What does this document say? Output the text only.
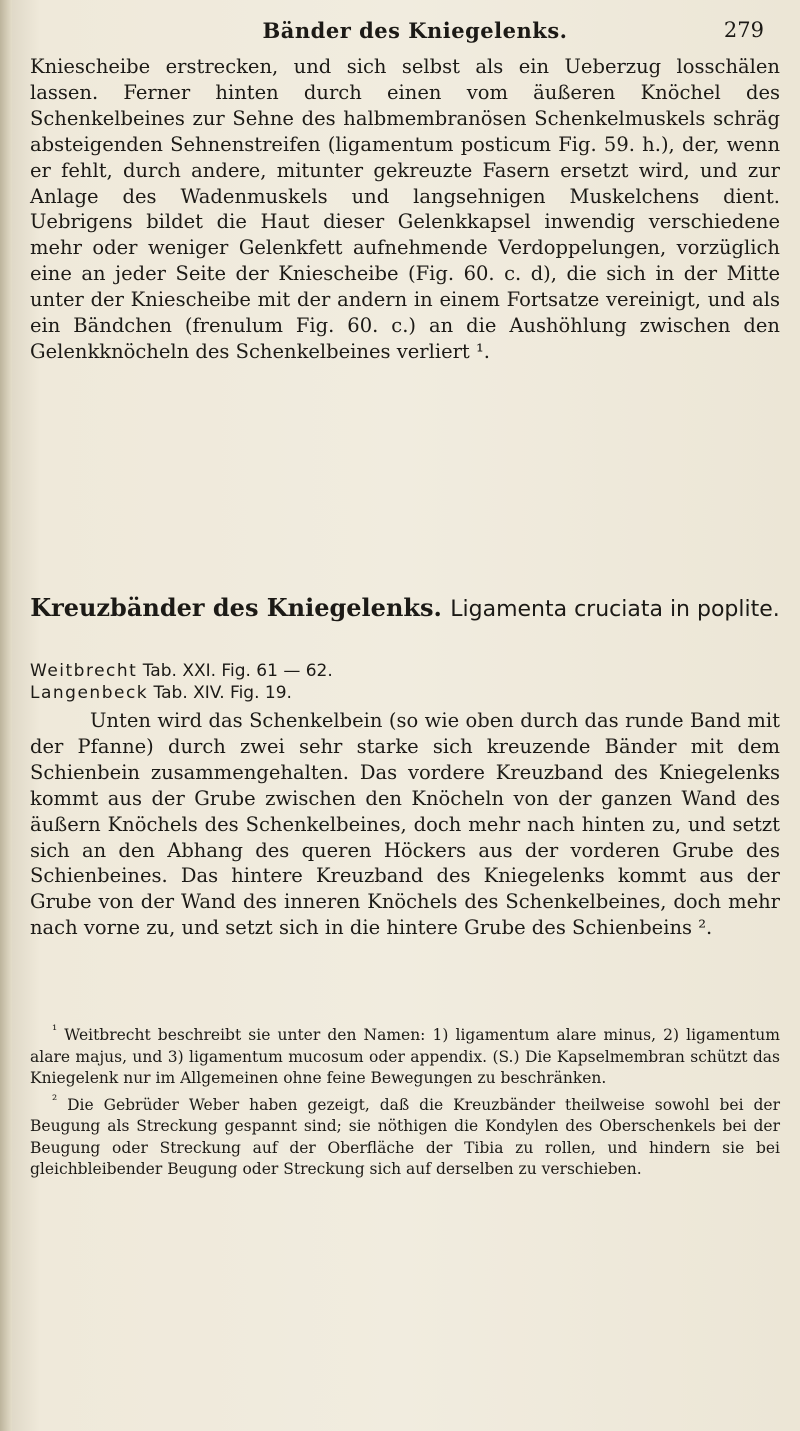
Bänder des Kniegelenks.	279

Kniescheibe erstrecken, und sich selbst als ein Ueberzug losschälen lassen. Ferner hinten durch einen vom äußeren Knöchel des Schenkelbeines zur Sehne des halbmembranösen Schenkelmuskels schräg absteigenden Sehnenstreifen (ligamentum posticum Fig. 59. h.), der, wenn er fehlt, durch andere, mitunter gekreuzte Fasern ersetzt wird, und zur Anlage des Wadenmuskels und langsehnigen Muskelchens dient. Uebrigens bildet die Haut dieser Gelenkkapsel inwendig verschiedene mehr oder weniger Gelenkfett aufnehmende Verdoppelungen, vorzüglich eine an jeder Seite der Kniescheibe (Fig. 60. c. d), die sich in der Mitte unter der Kniescheibe mit der andern in einem Fortsatze vereinigt, und als ein Bändchen (frenulum Fig. 60. c.) an die Aushöhlung zwischen den Gelenkknöcheln des Schenkelbeines verliert ¹.

Kreuzbänder des Kniegelenks. Ligamenta cruciata in poplite.
Weitbrecht Tab. XXI. Fig. 61 — 62.
Langenbeck Tab. XIV. Fig. 19.

Unten wird das Schenkelbein (so wie oben durch das runde Band mit der Pfanne) durch zwei sehr starke sich kreuzende Bänder mit dem Schienbein zusammengehalten. Das vordere Kreuzband des Kniegelenks kommt aus der Grube zwischen den Knöcheln von der ganzen Wand des äußern Knöchels des Schenkelbeines, doch mehr nach hinten zu, und setzt sich an den Abhang des queren Höckers aus der vorderen Grube des Schienbeines. Das hintere Kreuzband des Kniegelenks kommt aus der Grube von der Wand des inneren Knöchels des Schenkelbeines, doch mehr nach vorne zu, und setzt sich in die hintere Grube des Schienbeins ².

$^{^1}$ Weitbrecht beschreibt sie unter den Namen: 1) ligamentum alare minus, 2) ligamentum alare majus, und 3) ligamentum mucosum oder appendix. (S.) Die Kapselmembran schützt das Kniegelenk nur im Allgemeinen ohne feine Bewegungen zu beschränken.

$^{^2}$ Die Gebrüder Weber haben gezeigt, daß die Kreuzbänder theilweise sowohl bei der Beugung als Streckung gespannt sind; sie nöthigen die Kondylen des Oberschenkels bei der Beugung oder Streckung auf der Oberfläche der Tibia zu rollen, und hindern sie bei gleichbleibender Beugung oder Streckung sich auf derselben zu verschieben.
